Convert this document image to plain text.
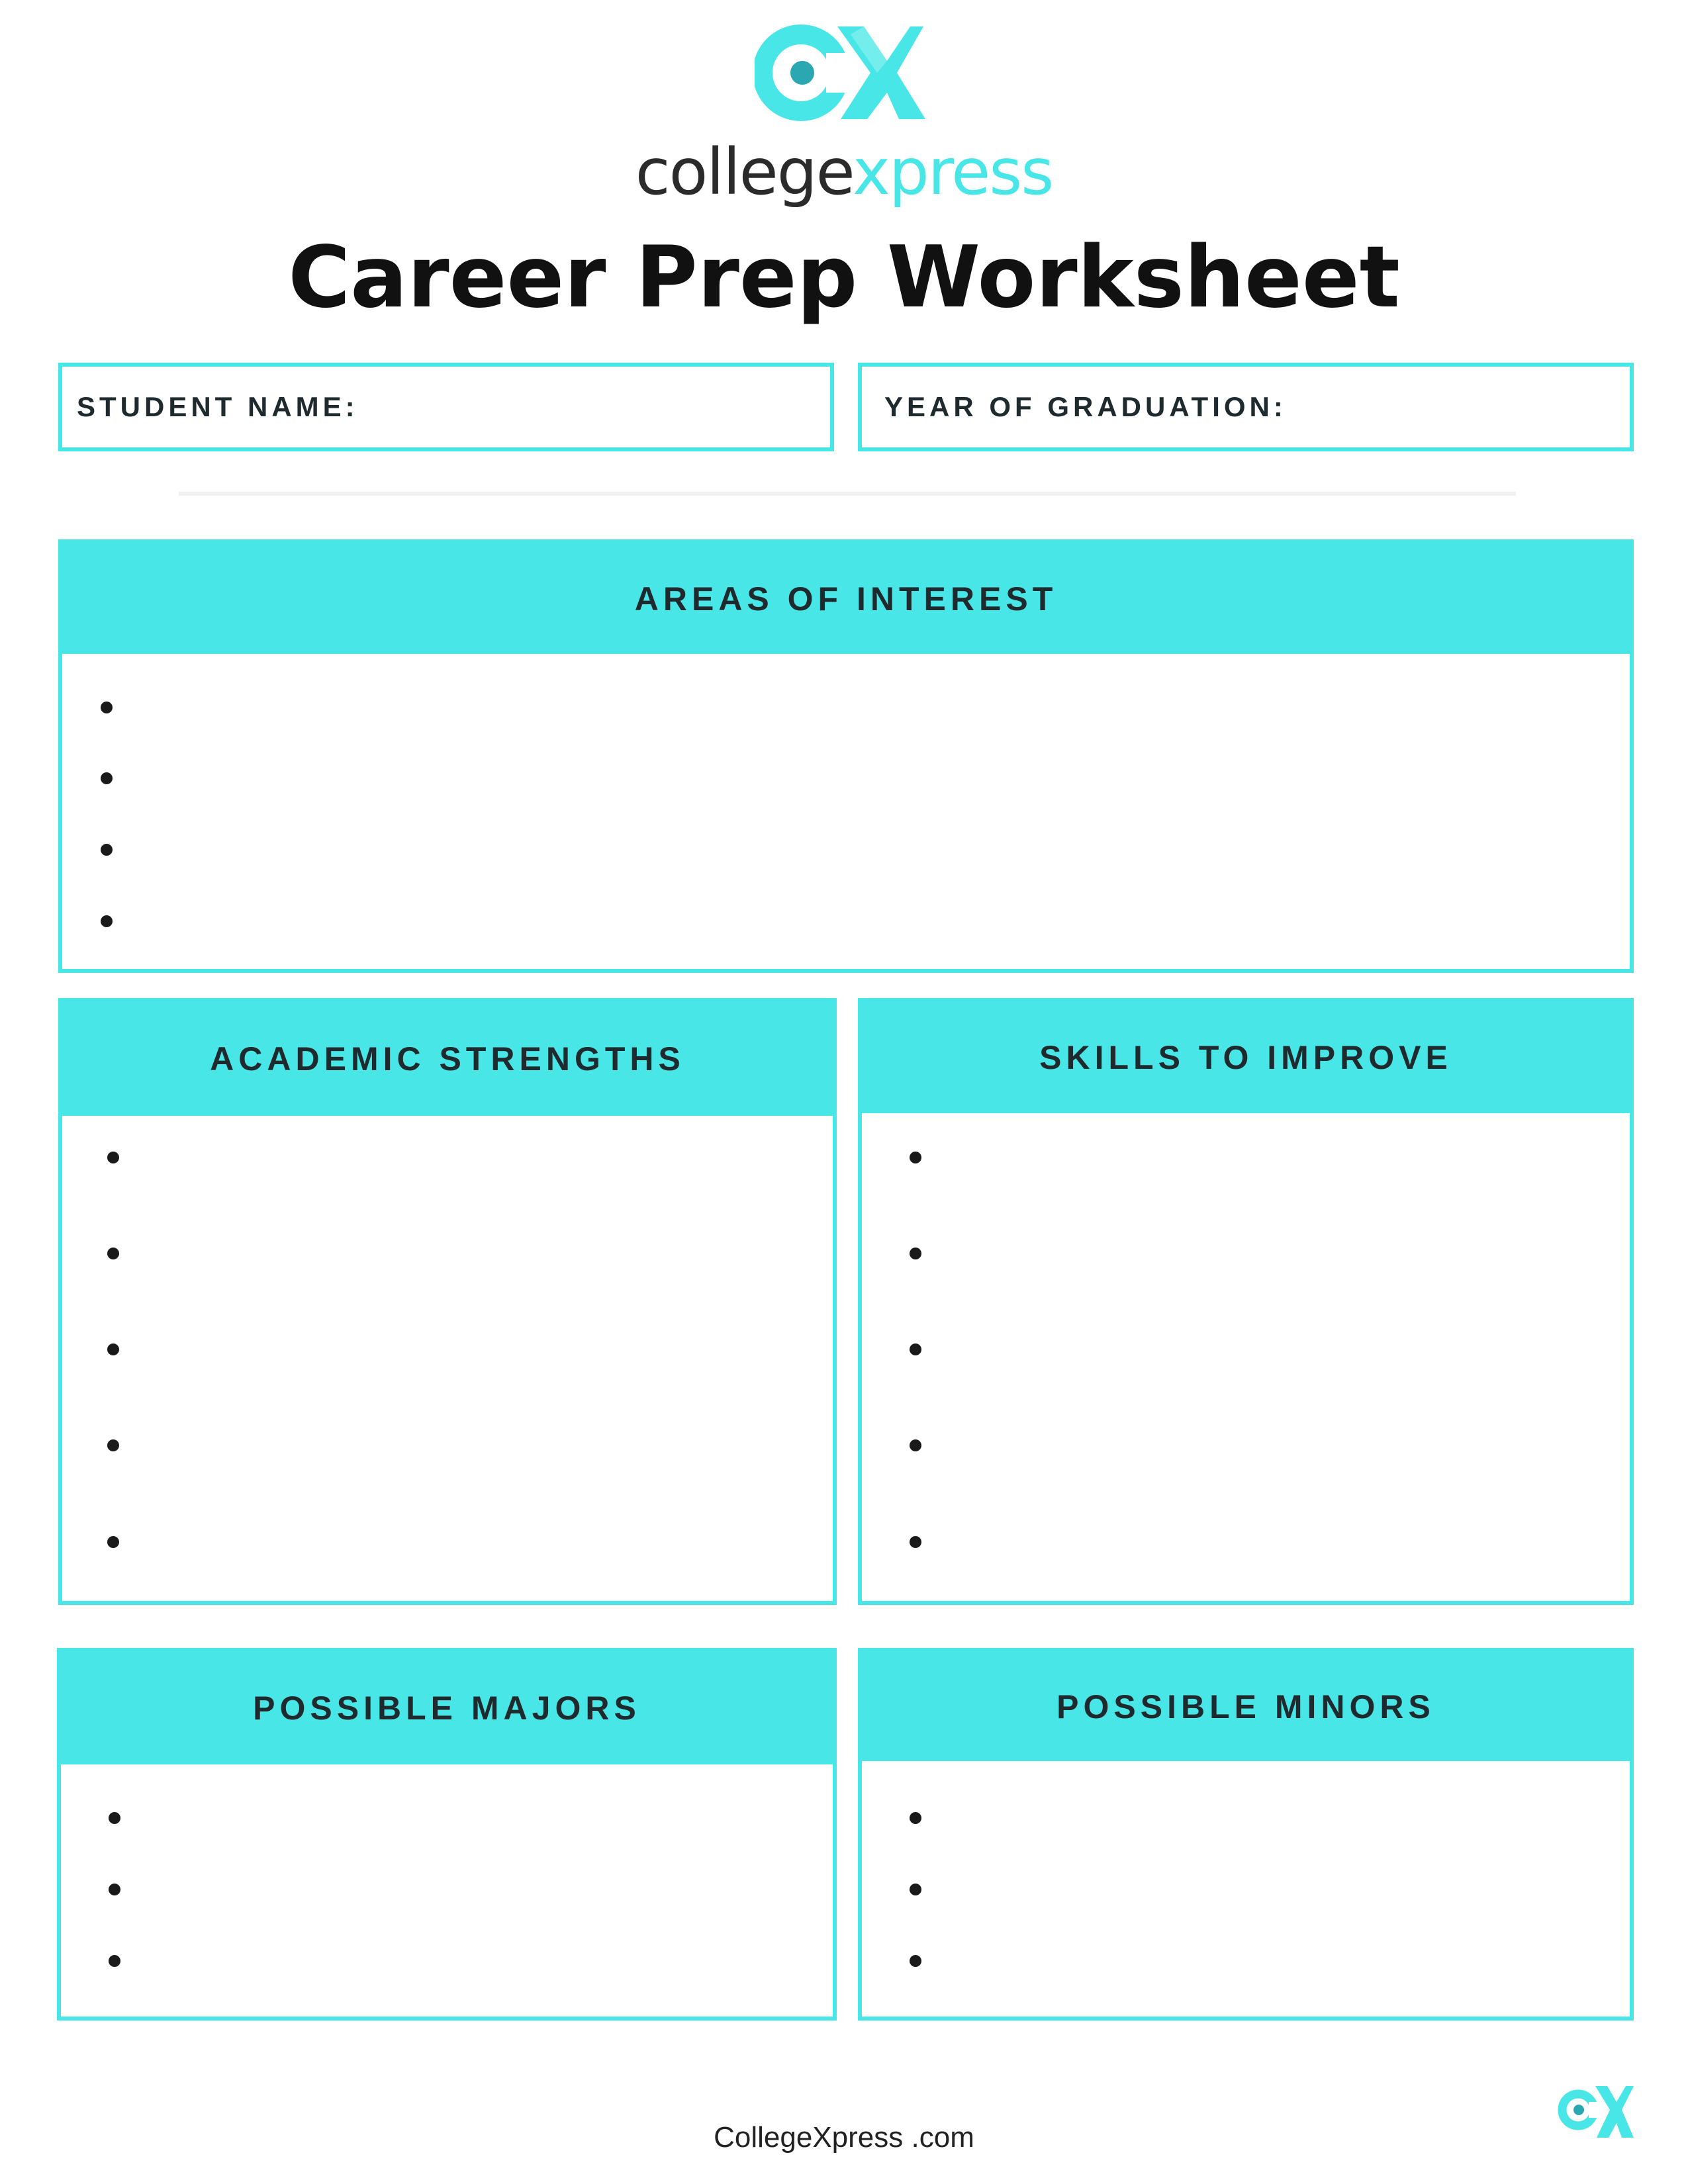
collegexpress
Career Prep Worksheet
STUDENT NAME:	YEAR OF GRADUATION:
AREAS OF INTEREST
ACADEMIC STRENGTHS	SKILLS TO IMPROVE
POSSIBLE MAJORS	POSSIBLE MINORS
CollegeXpress .com
